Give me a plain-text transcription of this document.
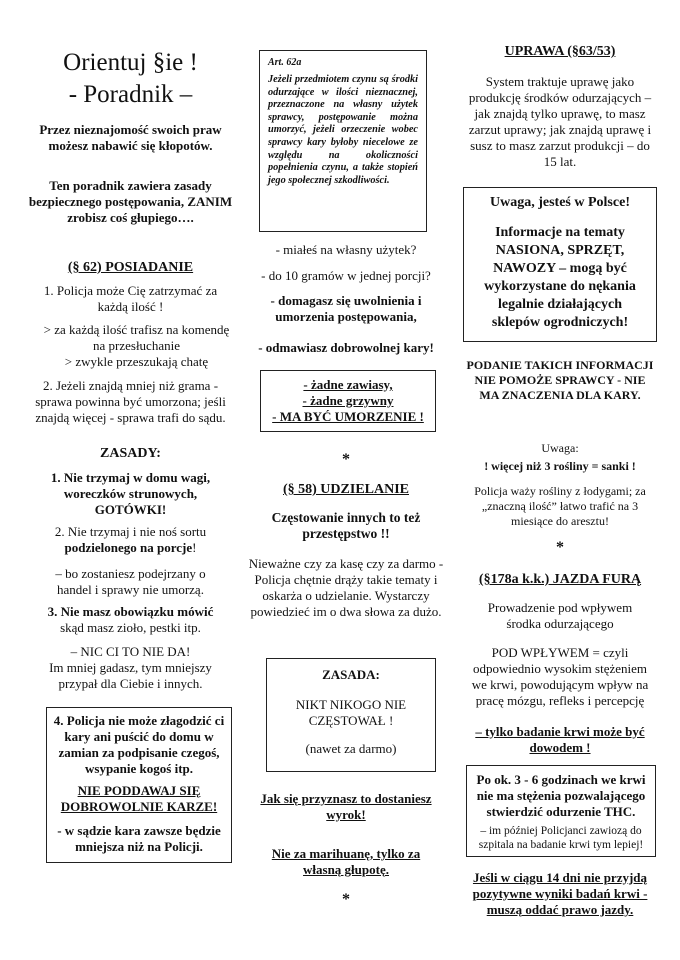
Orientuj §ie !
- Poradnik –

Przez nieznajomość swoich praw możesz nabawić się kłopotów.

Ten poradnik zawiera zasady bezpiecznego postępowania, ZANIM zrobisz coś głupiego….

(§ 62) POSIADANIE

1. Policja może Cię zatrzymać za każdą ilość !

> za każdą ilość trafisz na komendę na przesłuchanie

> zwykle przeszukają chatę

2. Jeżeli znajdą mniej niż grama - sprawa powinna być umorzona; jeśli znajdą więcej - sprawa trafi do sądu.

ZASADY:

1. Nie trzymaj w domu wagi, woreczków strunowych, GOTÓWKI!

2. Nie trzymaj i nie noś sortu
podzielonego na porcje!

– bo zostaniesz podejrzany o handel i sprawy nie umorzą.

3. Nie masz obowiązku mówić

skąd masz zioło, pestki itp.

– NIC CI TO NIE DA!

Im mniej gadasz, tym mniejszy przypał dla Ciebie i innych.

4. Policja nie może złagodzić ci kary ani puścić do domu w zamian za podpisanie czegoś, wsypanie kogoś itp.

NIE PODDAWAJ SIĘ DOBROWOLNIE KARZE!

- w sądzie kara zawsze będzie mniejsza niż na Policji.

Art. 62a

Jeżeli przedmiotem czynu są środki odurzające w ilości nieznacznej, przeznaczone na własny użytek sprawcy, postępowanie można umorzyć, jeżeli orzeczenie wobec sprawcy kary byłoby niecelowe ze względu na okoliczności popełnienia czynu, a także stopień jego społecznej szkodliwości.

- miałeś na własny użytek?

- do 10 gramów w jednej porcji?

- domagasz się uwolnienia i umorzenia postępowania,

- odmawiasz dobrowolnej kary!

*

(§ 58) UDZIELANIE

Częstowanie innych to też przestępstwo !!

Nieważne czy za kasę czy za darmo - Policja chętnie drąży takie tematy i oskarża o udzielanie. Wystarczy powiedzieć im o dwa słowa za dużo.

Jak się przyznasz to dostaniesz wyrok!

Nie za marihuanę, tylko za własną głupotę.

*

- żadne zawiasy,

- żadne grzywny

- MA BYĆ UMORZENIE !

ZASADA:

NIKT NIKOGO NIE CZĘSTOWAŁ !

(nawet za darmo)

UPRAWA (§63/53)

System traktuje uprawę jako produkcję środków odurzających – jak znajdą tylko uprawę, to masz zarzut uprawy; jak znajdą uprawę i susz to masz zarzut produkcji – do 15 lat.

PODANIE TAKICH INFORMACJI NIE POMOŻE SPRAWCY - NIE MA ZNACZENIA DLA KARY.

Uwaga:

! więcej niż 3 rośliny = sanki !

Policja waży rośliny z łodygami; za „znaczną ilość” łatwo trafić na 3 miesiące do aresztu!

*

(§178a k.k.) JAZDA FURĄ

Prowadzenie pod wpływem środka odurzającego

POD WPŁYWEM = czyli odpowiednio wysokim stężeniem we krwi, powodującym wpływ na pracę mózgu, refleks i percepcję

– tylko badanie krwi może być dowodem !

Jeśli w ciągu 14 dni nie przyjdą pozytywne wyniki badań krwi - muszą oddać prawo jazdy.

Uwaga, jesteś w Polsce!

Informacje na tematy NASIONA, SPRZĘT, NAWOZY – mogą być wykorzystane do nękania legalnie działających sklepów ogrodniczych!

Po ok. 3 - 6 godzinach we krwi nie ma stężenia pozwalającego stwierdzić odurzenie THC.

– im później Policjanci zawiozą do szpitala na badanie krwi tym lepiej!
